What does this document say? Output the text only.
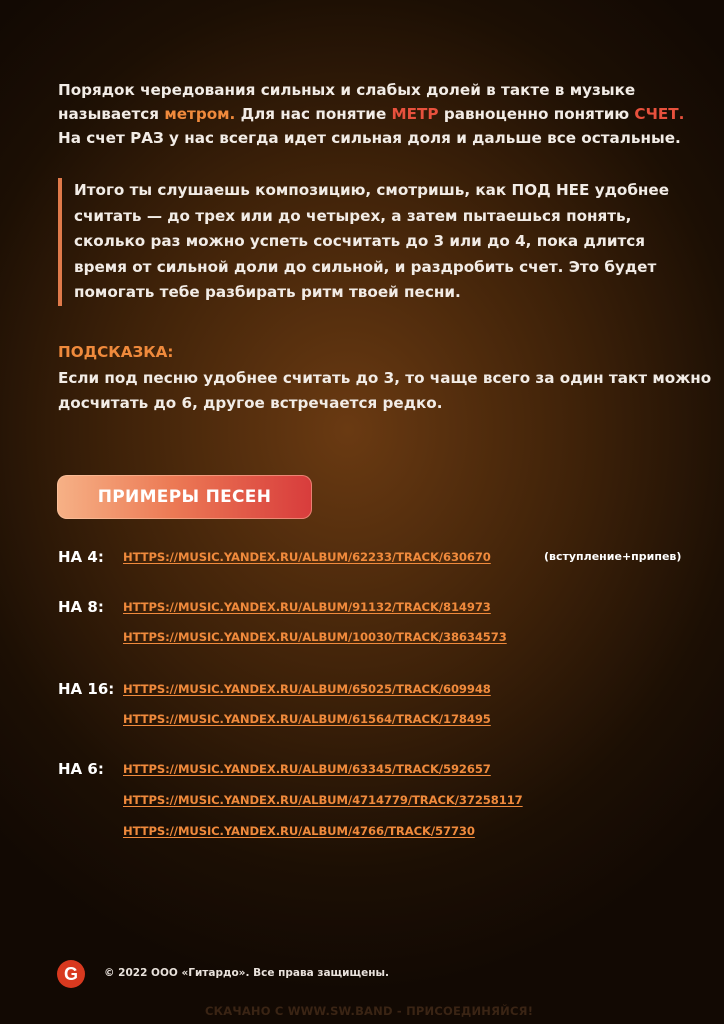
Порядок чередования сильных и слабых долей в такте в музыке
называется метром. Для нас понятие МЕТР равноценно понятию СЧЕТ.
На счет РАЗ у нас всегда идет сильная доля и дальше все остальные.
Итого ты слушаешь композицию, смотришь, как ПОД НЕЕ удобнее
считать — до трех или до четырех, а затем пытаешься понять,
сколько раз можно успеть сосчитать до 3 или до 4, пока длится
время от сильной доли до сильной, и раздробить счет. Это будет
помогать тебе разбирать ритм твоей песни.
ПОДСКАЗКА:
Если под песню удобнее считать до 3, то чаще всего за один такт можно
досчитать до 6, другое встречается редко.
ПРИМЕРЫ ПЕСЕН
НА 4: HTTPS://MUSIC.YANDEX.RU/ALBUM/62233/TRACK/630670	(вступление+припев)
НА 8: HTTPS://MUSIC.YANDEX.RU/ALBUM/91132/TRACK/814973
HTTPS://MUSIC.YANDEX.RU/ALBUM/10030/TRACK/38634573
НА 16: HTTPS://MUSIC.YANDEX.RU/ALBUM/65025/TRACK/609948
HTTPS://MUSIC.YANDEX.RU/ALBUM/61564/TRACK/178495
НА 6: HTTPS://MUSIC.YANDEX.RU/ALBUM/63345/TRACK/592657
HTTPS://MUSIC.YANDEX.RU/ALBUM/4714779/TRACK/37258117
HTTPS://MUSIC.YANDEX.RU/ALBUM/4766/TRACK/57730
G © 2022 ООО «Гитардо». Все права защищены.
СКАЧАНО С WWW.SW.BAND - ПРИСОЕДИНЯЙСЯ!
